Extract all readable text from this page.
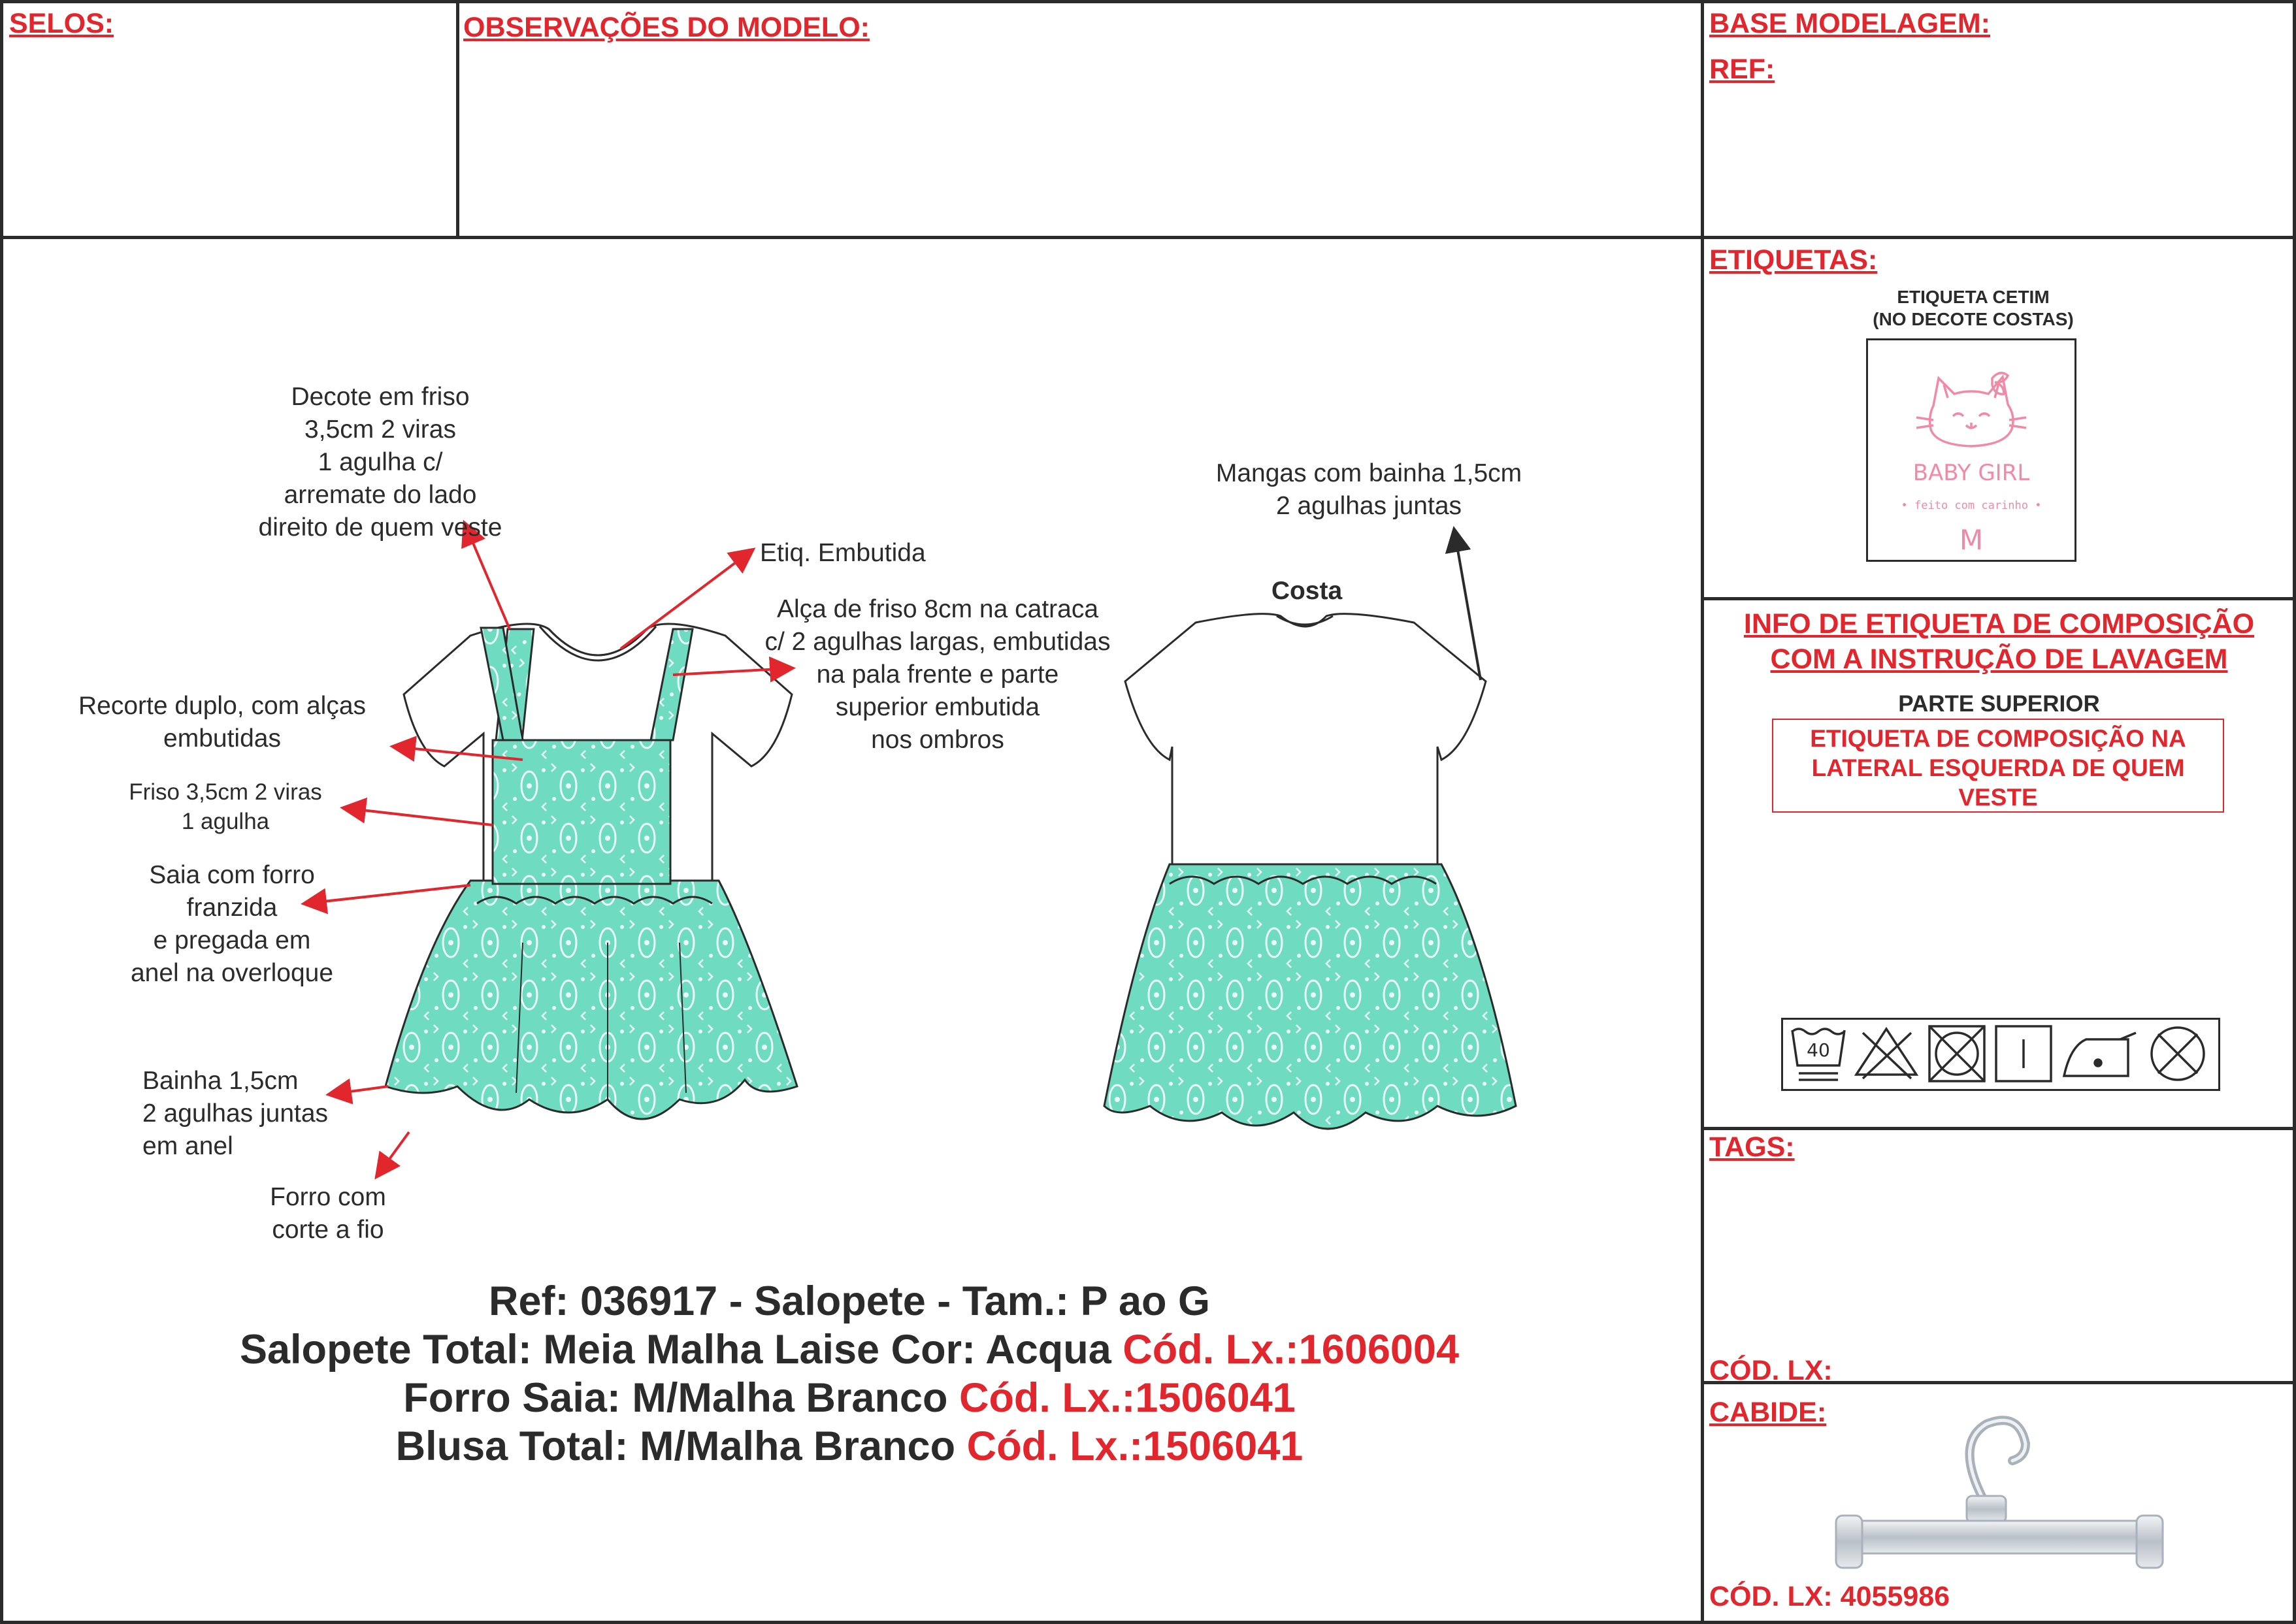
SELOS:	OBSERVAÇÕES DO MODELO:	BASE MODELAGEM:
REF:
ETIQUETAS:
TAGS:
CÓD. LX:
CABIDE:
CÓD. LX: 4055986
ETIQUETA CETIM
(NO DECOTE COSTAS)
BABY GIRL
• feito com carinho •
M
INFO DE ETIQUETA DE COMPOSIÇÃO
COM A INSTRUÇÃO DE LAVAGEM
PARTE SUPERIOR
ETIQUETA DE COMPOSIÇÃO NA
LATERAL ESQUERDA DE QUEM
VESTE
40
Decote em friso
3,5cm 2 viras
1 agulha c/
arremate do lado
direito de quem veste
Etiq. Embutida
Alça de friso 8cm na catraca
c/ 2 agulhas largas, embutidas
na pala frente e parte
superior embutida
nos ombros
Recorte duplo, com alças
embutidas
Friso 3,5cm 2 viras
1 agulha
Saia com forro
franzida
e pregada em
anel na overloque
Bainha 1,5cm
2 agulhas juntas
em anel
Forro com
corte a fio
Mangas com bainha 1,5cm
2 agulhas juntas
Costa
Ref: 036917 - Salopete - Tam.: P ao G
Salopete Total: Meia Malha Laise Cor: Acqua Cód. Lx.:1606004
Forro Saia: M/Malha Branco Cód. Lx.:1506041
Blusa Total: M/Malha Branco Cód. Lx.:1506041
